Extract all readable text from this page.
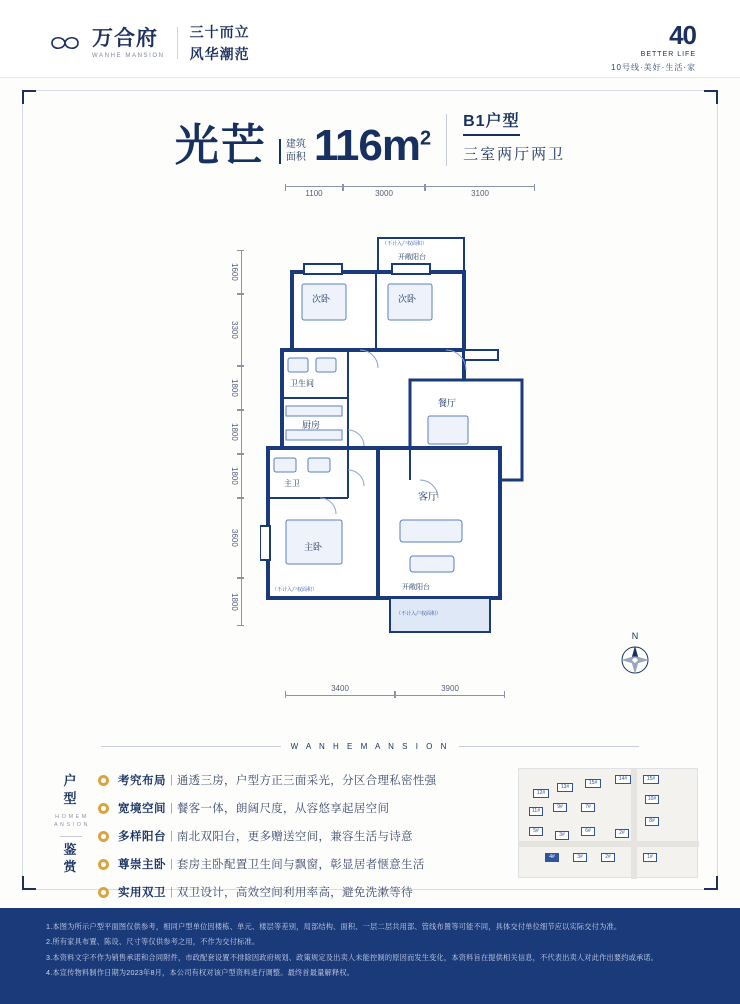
万合府
WANHE MANSION
三十而立
风华潮范
40
BETTER LIFE
10号线·美好·生活·家
光芒 建筑
面积 $116m^2$
B1户型
三室两厅两卫
1100	3000	3100
1600
3300
1800
1800
1800
3600
1800
3400	3900
次卧	次卧
卫生间
厨房
餐厅
主卫
主卧
客厅
开敞阳台
开敞阳台
（不计入户权面积）
（不计入户权面积）
（不计入户权面积）
N
W A N H E M A N S I O N
户
型
H O M E M A N S I O N
鉴
赏
考究布局 | 通透三房，户型方正三面采光，分区合理私密性强
宽境空间 | 餐客一体，朗阔尺度，从容悠享起居空间
多样阳台 | 南北双阳台，更多赠送空间，兼容生活与诗意
尊崇主卧 | 套房主卧配置卫生间与飘窗，彰显居者惬意生活
实用双卫 | 双卫设计，高效空间利用率高，避免洗漱等待
12#
13#
15#
14#	15#
11#
9#	7#
10#
8#
5#
3#
6#	2#
4#	3#	2#	1#

1.本图为所示户型平面图仅供参考，相同户型单位因楼栋、单元、楼层等差别，局部结构、面积、一层二层共用部、管线布置等可能不同，具体交付单位细节应以实际交付为准。

2.所有家具布置、陈设、尺寸等仅供参考之用，不作为交付标准。

3.本资料文字不作为销售承诺和合同附件，市政配套设置不排除因政府规划、政策规定及出卖人未能控制的原因而发生变化，本资料旨在提供相关信息，不代表出卖人对此作出要约或承诺。

4.本宣传物料制作日期为2023年8月，本公司有权对该户型资料进行调整。最终首最量解释权。
